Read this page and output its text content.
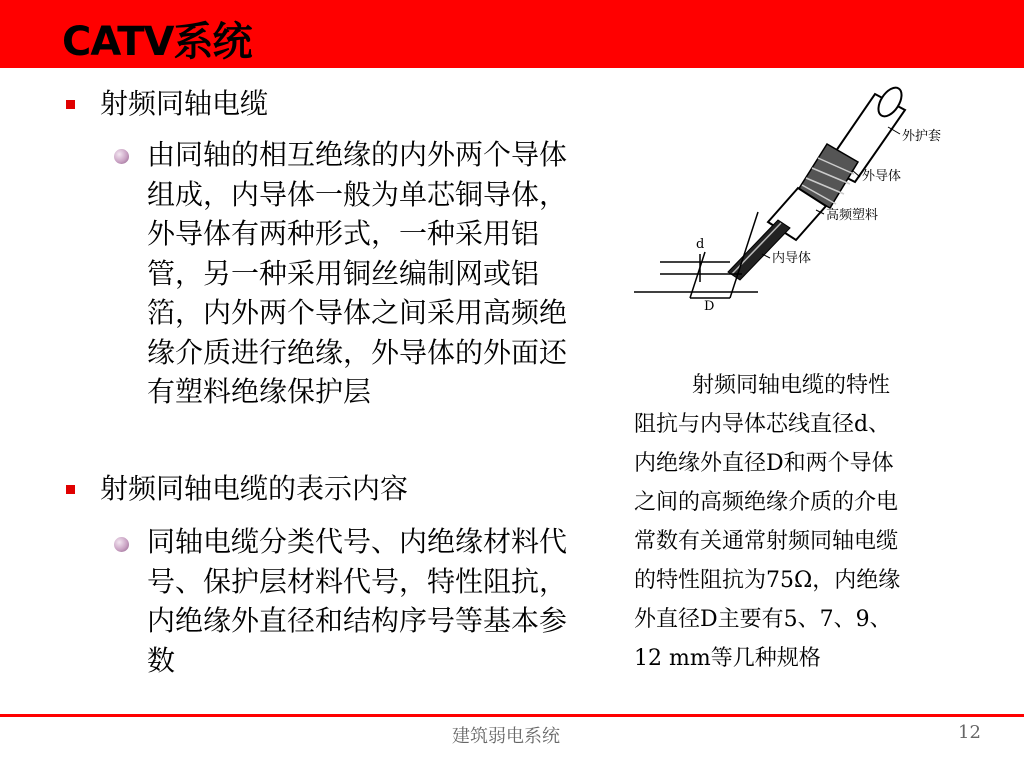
CATV系统
射频同轴电缆
由同轴的相互绝缘的内外两个导体组成，内导体一般为单芯铜导体，外导体有两种形式，一种采用铝管，另一种采用铜丝编制网或铝箔，内外两个导体之间采用高频绝缘介质进行绝缘，外导体的外面还有塑料绝缘保护层
射频同轴电缆的表示内容
同轴电缆分类代号、内绝缘材料代号、保护层材料代号，特性阻抗，内绝缘外直径和结构序号等基本参数
外护套
外导体
高频塑料
内导体
d
D
射频同轴电缆的特性
阻抗与内导体芯线直径d、
内绝缘外直径D和两个导体
之间的高频绝缘介质的介电
常数有关通常射频同轴电缆
的特性阻抗为75Ω，内绝缘
外直径D主要有5、7、9、
12 mm等几种规格
建筑弱电系统	12
